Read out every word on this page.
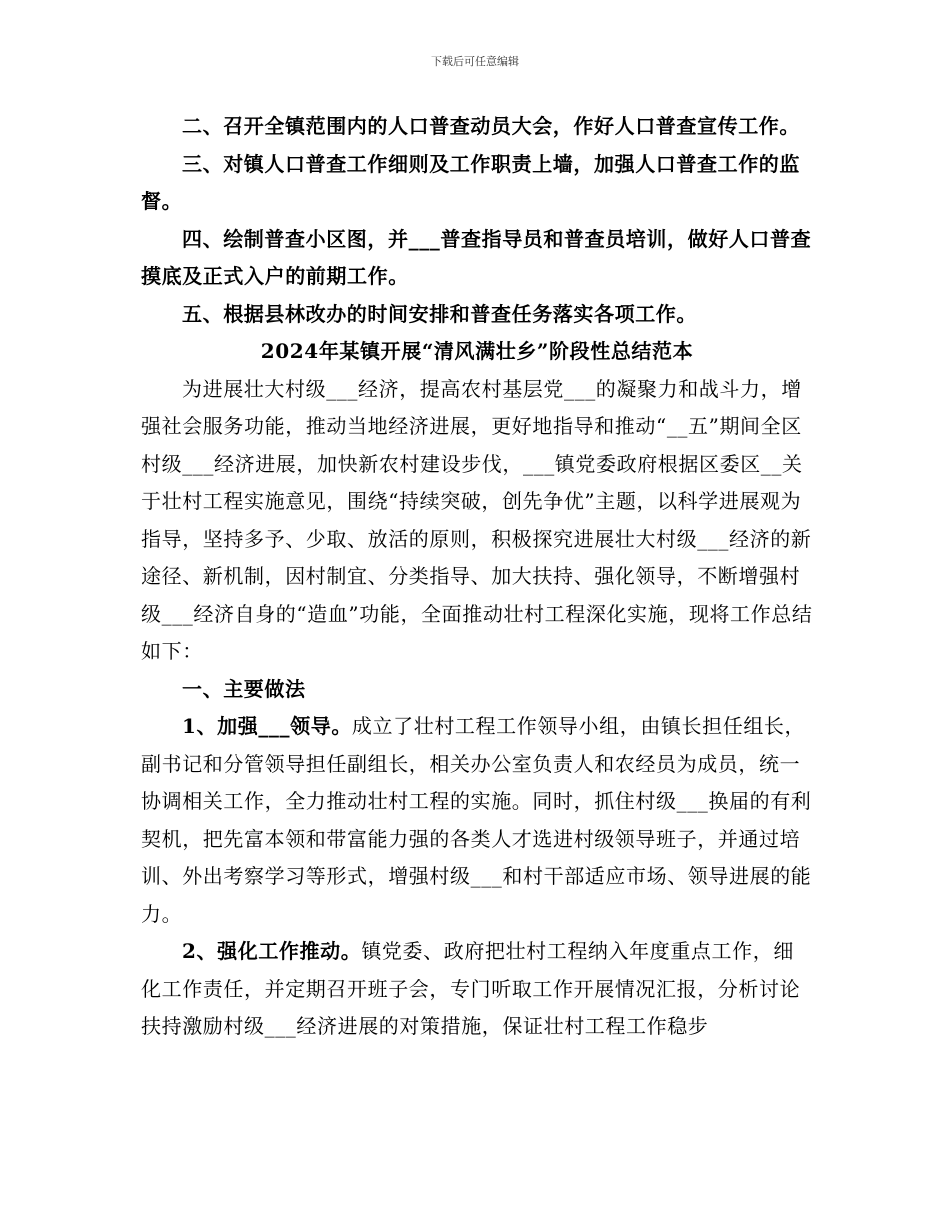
下载后可任意编辑

二、召开全镇范围内的人口普查动员大会，作好人口普查宣传工作。

三、对镇人口普查工作细则及工作职责上墙，加强人口普查工作的监督。

四、绘制普查小区图，并___普查指导员和普查员培训，做好人口普查摸底及正式入户的前期工作。

五、根据县林改办的时间安排和普查任务落实各项工作。

2024年某镇开展“清风满壮乡”阶段性总结范本

为进展壮大村级___经济，提高农村基层党___的凝聚力和战斗力，增强社会服务功能，推动当地经济进展，更好地指导和推动“__五”期间全区村级___经济进展，加快新农村建设步伐，___镇党委政府根据区委区__关于壮村工程实施意见，围绕“持续突破，创先争优”主题，以科学进展观为指导，坚持多予、少取、放活的原则，积极探究进展壮大村级___经济的新途径、新机制，因村制宜、分类指导、加大扶持、强化领导，不断增强村级___经济自身的“造血”功能，全面推动壮村工程深化实施，现将工作总结如下：

一、主要做法

1、加强___领导。成立了壮村工程工作领导小组，由镇长担任组长，副书记和分管领导担任副组长，相关办公室负责人和农经员为成员，统一协调相关工作，全力推动壮村工程的实施。同时，抓住村级___换届的有利契机，把先富本领和带富能力强的各类人才选进村级领导班子，并通过培训、外出考察学习等形式，增强村级___和村干部适应市场、领导进展的能力。

2、强化工作推动。镇党委、政府把壮村工程纳入年度重点工作，细化工作责任，并定期召开班子会，专门听取工作开展情况汇报，分析讨论扶持激励村级___经济进展的对策措施，保证壮村工程工作稳步
